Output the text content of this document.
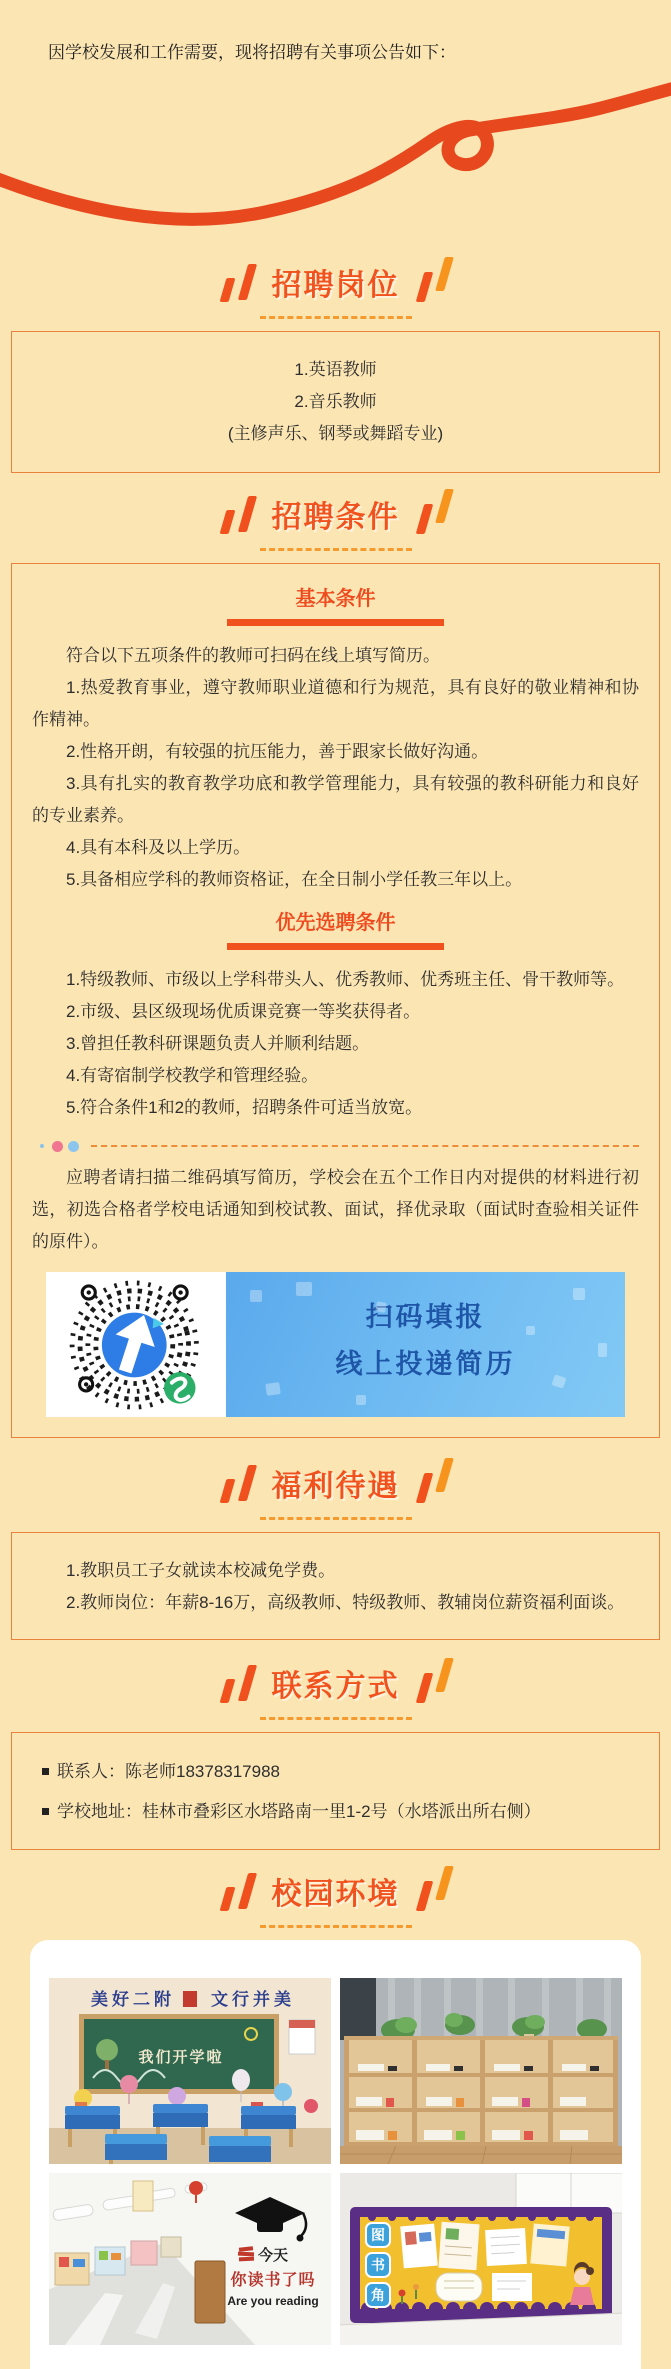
因学校发展和工作需要，现将招聘有关事项公告如下：

招聘岗位

1.英语教师

2.音乐教师

(主修声乐、钢琴或舞蹈专业)

招聘条件
基本条件

符合以下五项条件的教师可扫码在线上填写简历。

1.热爱教育事业，遵守教师职业道德和行为规范，具有良好的敬业精神和协作精神。

2.性格开朗，有较强的抗压能力，善于跟家长做好沟通。

3.具有扎实的教育教学功底和教学管理能力，具有较强的教科研能力和良好的专业素养。

4.具有本科及以上学历。

5.具备相应学科的教师资格证，在全日制小学任教三年以上。

优先选聘条件

1.特级教师、市级以上学科带头人、优秀教师、优秀班主任、骨干教师等。

2.市级、县区级现场优质课竞赛一等奖获得者。

3.曾担任教科研课题负责人并顺利结题。

4.有寄宿制学校教学和管理经验。

5.符合条件1和2的教师，招聘条件可适当放宽。

应聘者请扫描二维码填写简历，学校会在五个工作日内对提供的材料进行初选，初选合格者学校电话通知到校试教、面试，择优录取（面试时查验相关证件的原件）。

扫码填报

线上投递简历

福利待遇

1.教职员工子女就读本校减免学费。

2.教师岗位：年薪8-16万，高级教师、特级教师、教辅岗位薪资福利面谈。

联系方式
联系人：陈老师18378317988
学校地址：桂林市叠彩区水塔路南一里1-2号（水塔派出所右侧）
校园环境
美好二附 文行并美
我们开学啦
今天
你读书了吗
Are you reading
图
书
角
